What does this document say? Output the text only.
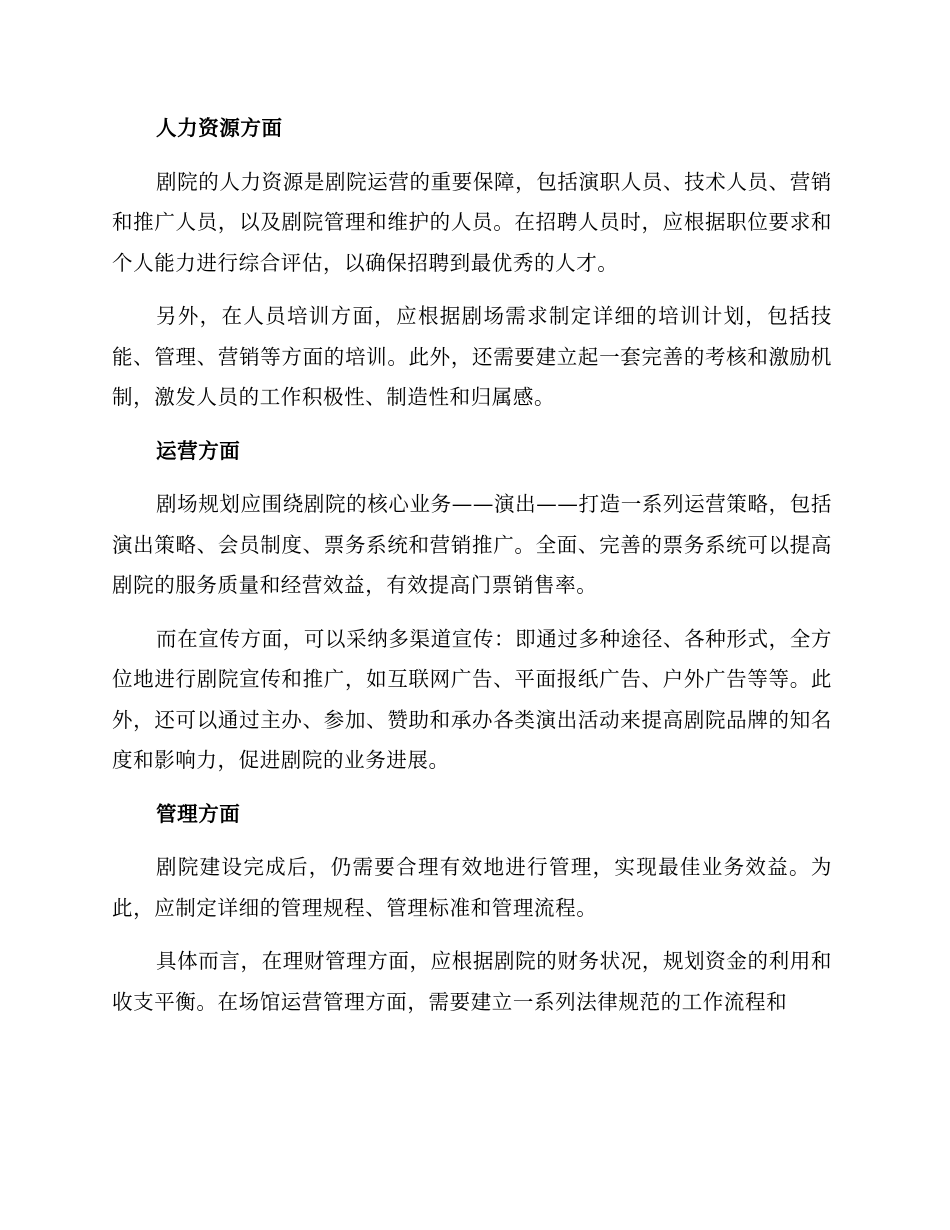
人力资源方面

剧院的人力资源是剧院运营的重要保障，包括演职人员、技术人员、营销和推广人员，以及剧院管理和维护的人员。在招聘人员时，应根据职位要求和个人能力进行综合评估，以确保招聘到最优秀的人才。

另外，在人员培训方面，应根据剧场需求制定详细的培训计划，包括技能、管理、营销等方面的培训。此外，还需要建立起一套完善的考核和激励机制，激发人员的工作积极性、制造性和归属感。

运营方面

剧场规划应围绕剧院的核心业务——演出——打造一系列运营策略，包括演出策略、会员制度、票务系统和营销推广。全面、完善的票务系统可以提高剧院的服务质量和经营效益，有效提高门票销售率。

而在宣传方面，可以采纳多渠道宣传：即通过多种途径、各种形式，全方位地进行剧院宣传和推广，如互联网广告、平面报纸广告、户外广告等等。此外，还可以通过主办、参加、赞助和承办各类演出活动来提高剧院品牌的知名度和影响力，促进剧院的业务进展。

管理方面

剧院建设完成后，仍需要合理有效地进行管理，实现最佳业务效益。为此，应制定详细的管理规程、管理标准和管理流程。

具体而言，在理财管理方面，应根据剧院的财务状况，规划资金的利用和收支平衡。在场馆运营管理方面，需要建立一系列法律规范的工作流程和
